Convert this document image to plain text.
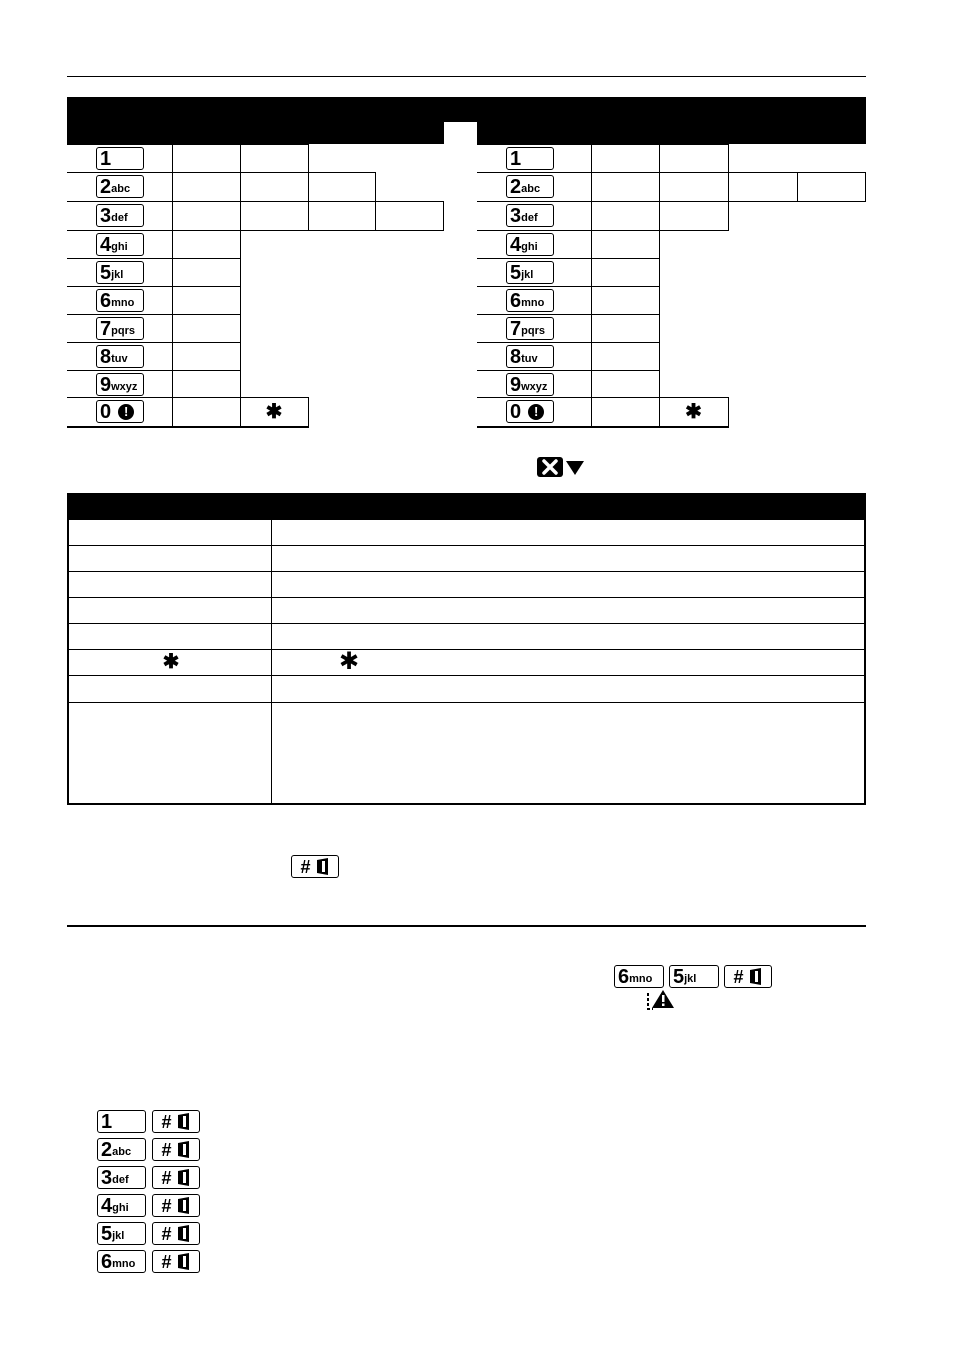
1
2 abc
3 def
4 ghi
5 jkl
6 mno
7 pqrs
8 tuv
9 wxyz
0	!	✱
1
2 abc
3 def
4 ghi
5 jkl
6 mno
7 pqrs
8 tuv
9 wxyz
0	!	✱
✱	✱
#
6 mno 5 jkl #
1	#
2 abc #
3 def #
4 ghi #
5 jkl #
6 mno #
